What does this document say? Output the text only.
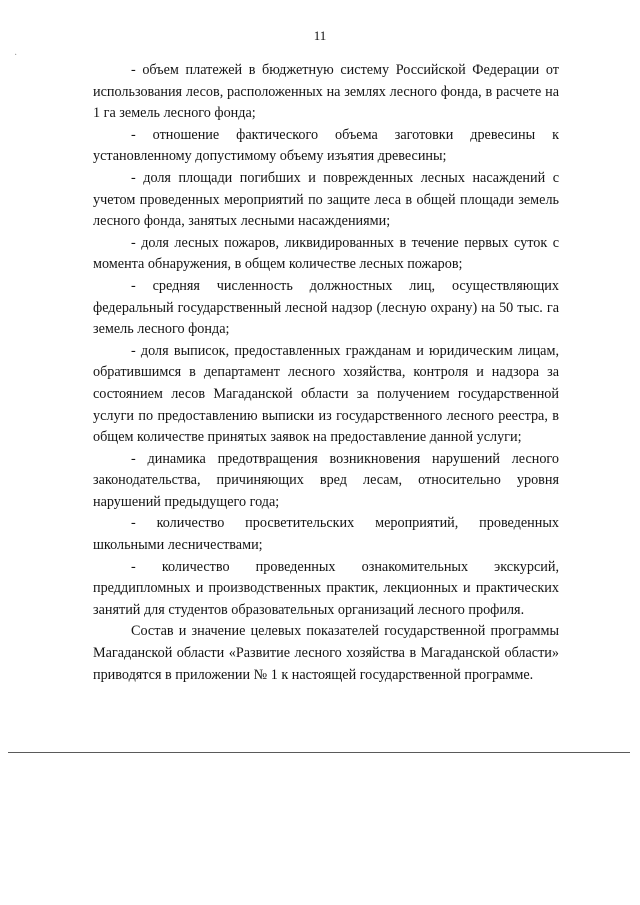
·
11

- объем платежей в бюджетную систему Российской Федерации от использования лесов, расположенных на землях лесного фонда, в расчете на 1 га земель лесного фонда;

- отношение фактического объема заготовки древесины к установленному допустимому объему изъятия древесины;

- доля площади погибших и поврежденных лесных насаждений с учетом проведенных мероприятий по защите леса в общей площади земель лесного фонда, занятых лесными насаждениями;

- доля лесных пожаров, ликвидированных в течение первых суток с момента обнаружения, в общем количестве лесных пожаров;

- средняя численность должностных лиц, осуществляющих федеральный государственный лесной надзор (лесную охрану) на 50 тыс. га земель лесного фонда;

- доля выписок, предоставленных гражданам и юридическим лицам, обратившимся в департамент лесного хозяйства, контроля и надзора за состоянием лесов Магаданской области за получением государственной услуги по предоставлению выписки из государственного лесного реестра, в общем количестве принятых заявок на предоставление данной услуги;

- динамика предотвращения возникновения нарушений лесного законодательства, причиняющих вред лесам, относительно уровня нарушений предыдущего года;

- количество просветительских мероприятий, проведенных школьными лесничествами;

- количество проведенных ознакомительных экскурсий, преддипломных и производственных практик, лекционных и практических занятий для студентов образовательных организаций лесного профиля.

Состав и значение целевых показателей государственной программы Магаданской области «Развитие лесного хозяйства в Магаданской области» приводятся в приложении № 1 к настоящей государственной программе.
